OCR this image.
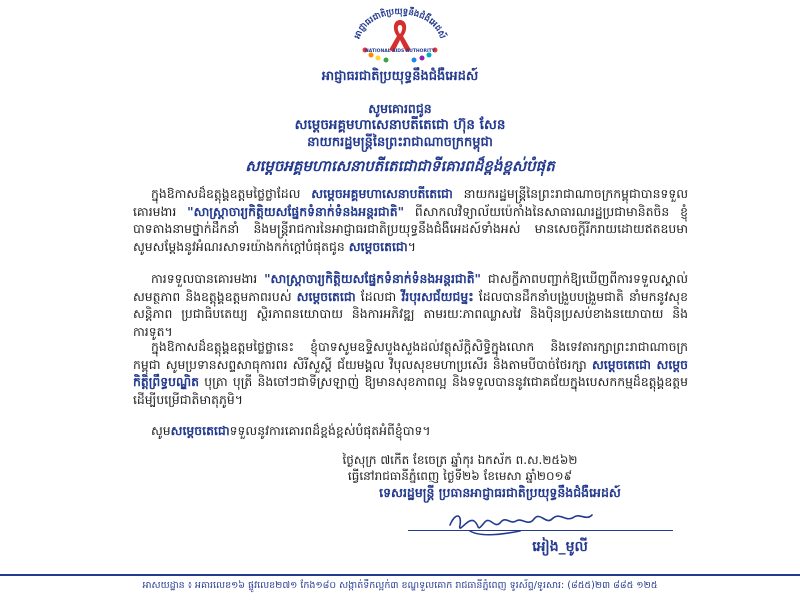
អាជ្ញាធរជាតិប្រយុទ្ធនឹងជំងឺអេដស៍
NATIONAL AIDS AUTHORITY
អាជ្ញាធរជាតិប្រយុទ្ធនឹងជំងឺអេដស៍
សូមគោរពជូន
សម្តេចអគ្គមហាសេនាបតីតេជោ ហ៊ុន សែន
នាយករដ្ឋមន្ត្រីនៃព្រះរាជាណាចក្រកម្ពុជា
សម្តេចអគ្គមហាសេនាបតីតេជោជាទីគោរពដ៏ខ្ពង់ខ្ពស់បំផុត
ក្នុងឱកាសដ៏ឧត្តុង្គឧត្តមថ្លៃថ្លាដែល សម្តេចអគ្គមហាសេនាបតីតេជោ នាយករដ្ឋមន្ត្រីនៃព្រះរាជាណាចក្រកម្ពុជាបានទទួលគោរមងារ "សាស្ត្រាចារ្យកិត្តិយសផ្នែកទំនាក់ទំនងអន្តរជាតិ" ពីសាកលវិទ្យាល័យប៉េកាំងនៃសាធារណរដ្ឋប្រជាមានិតចិន ខ្ញុំបាទតាងនាមថ្នាក់ដឹកនាំ និងមន្ត្រីរាជការនៃអាជ្ញាធរជាតិប្រយុទ្ធនឹងជំងឺអេដស៍ទាំងអស់ មានសេចក្តីរីករាយដោយឥតឧបមា សូមសម្តែងនូវអំណរសាទរយ៉ាងកក់ក្តៅបំផុតជូន សម្តេចតេជោ។
ការទទួលបានគោរមងារ "សាស្ត្រាចារ្យកិត្តិយសផ្នែកទំនាក់ទំនងអន្តរជាតិ" ជាសក្ខីភាពបញ្ជាក់ឱ្យឃើញពីការទទួលស្គាល់សមត្ថភាព និងឧត្តុង្គឧត្តមភាពរបស់ សម្តេចតេជោ ដែលជា វីរបុរសជ័យជម្នះ ដែលបានដឹកនាំបង្រួបបង្រួមជាតិ នាំមកនូវសុខសន្តិភាព ប្រជាធិបតេយ្យ ស្ថិរភាពនយោបាយ និងការអភិវឌ្ឍ តាមរយៈភាពឈ្លាសវៃ និងប៉ិនប្រសប់ខាងនយោបាយ និងការទូត។
ក្នុងឱកាសដ៏ឧត្តុង្គឧត្តមថ្លៃថ្លានេះ ខ្ញុំបាទសូមឧទ្ទិសបួងសួងដល់វត្ថុស័ក្តិសិទ្ធិក្នុងលោក និងទេវតារក្សាព្រះរាជាណាចក្រកម្ពុជា សូមប្រទានសព្ទសាធុការពរ សិរីសួស្តី ជ័យមង្គល វិបុលសុខមហាប្រសើរ និងតាមបីបាច់ថែរក្សា សម្តេចតេជោ សម្តេចកិត្តិព្រឹទ្ធបណ្ឌិត បុត្រា បុត្រី និងចៅៗជាទីស្រឡាញ់ ឱ្យមានសុខភាពល្អ និងទទួលបាននូវជោគជ័យក្នុងបេសកកម្មដ៏ឧត្តុង្គឧត្តមដើម្បីបម្រើជាតិមាតុភូមិ។
សូមសម្តេចតេជោទទួលនូវការគោរពដ៏ខ្ពង់ខ្ពស់បំផុតអំពីខ្ញុំបាទ។
ថ្ងៃសុក្រ ៧កើត ខែចេត្រ ឆ្នាំកុរ ឯកស័ក ព.ស.២៥៦២
ធ្វើនៅរាជធានីភ្នំពេញ ថ្ងៃទី២៦ ខែមេសា ឆ្នាំ២០១៩
ទេសរដ្ឋមន្ត្រី ប្រធានអាជ្ញាធរជាតិប្រយុទ្ធនឹងជំងឺអេដស៍
អៀង_មូលី
អាសយដ្ឋាន ៖ អគារលេខ១៦ ផ្លូវលេខ២៧១ កែង១៨០ សង្កាត់ទឹកល្អក់៣ ខណ្ឌទួលគោក រាជធានីភ្នំពេញ ទូរស័ព្ទ/ទូរសារ: (៨៥៥)២៣ ៨៨៥ ១២៥
